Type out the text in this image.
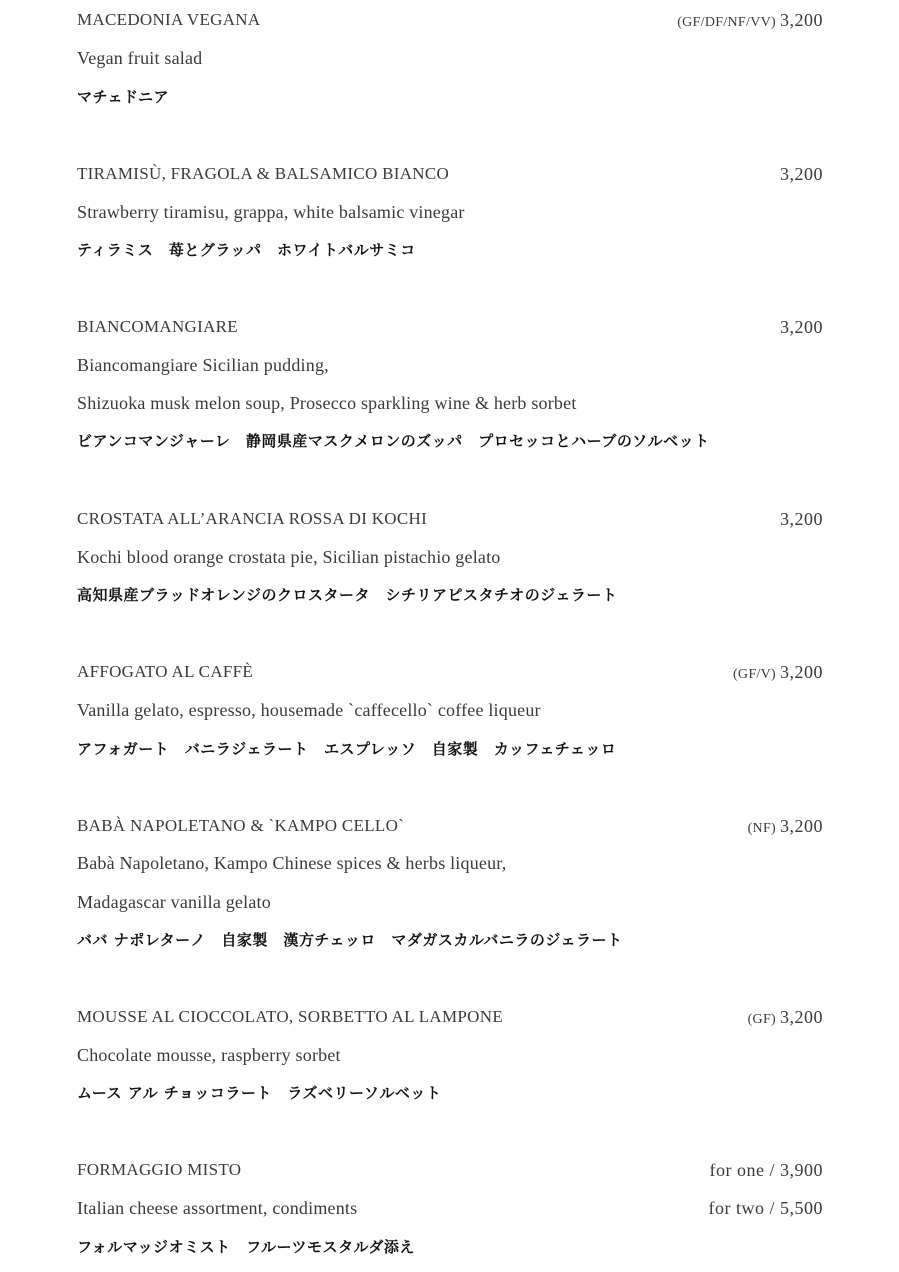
MACEDONIA VEGANA	(GF/DF/NF/VV) 3,200
Vegan fruit salad
マチェドニア
TIRAMISÙ, FRAGOLA & BALSAMICO BIANCO	3,200
Strawberry tiramisu, grappa, white balsamic vinegar
ティラミス　苺とグラッパ　ホワイトバルサミコ
BIANCOMANGIARE	3,200
Biancomangiare Sicilian pudding,
Shizuoka musk melon soup, Prosecco sparkling wine & herb sorbet
ビアンコマンジャーレ　静岡県産マスクメロンのズッパ　プロセッコとハーブのソルベット
CROSTATA ALL’ARANCIA ROSSA DI KOCHI	3,200
Kochi blood orange crostata pie, Sicilian pistachio gelato
高知県産ブラッドオレンジのクロスタータ　シチリアピスタチオのジェラート
AFFOGATO AL CAFFÈ	(GF/V) 3,200
Vanilla gelato, espresso, housemade `caffecello` coffee liqueur
アフォガート　バニラジェラート　エスプレッソ　自家製　カッフェチェッロ
BABÀ NAPOLETANO & `KAMPO CELLO`	(NF) 3,200
Babà Napoletano, Kampo Chinese spices & herbs liqueur,
Madagascar vanilla gelato
ババ ナポレターノ　自家製　漢方チェッロ　マダガスカルバニラのジェラート
MOUSSE AL CIOCCOLATO, SORBETTO AL LAMPONE	(GF) 3,200
Chocolate mousse, raspberry sorbet
ムース アル チョッコラート　ラズベリーソルベット
FORMAGGIO MISTO	for one / 3,900
Italian cheese assortment, condiments	for two / 5,500
フォルマッジオミスト　フルーツモスタルダ添え
